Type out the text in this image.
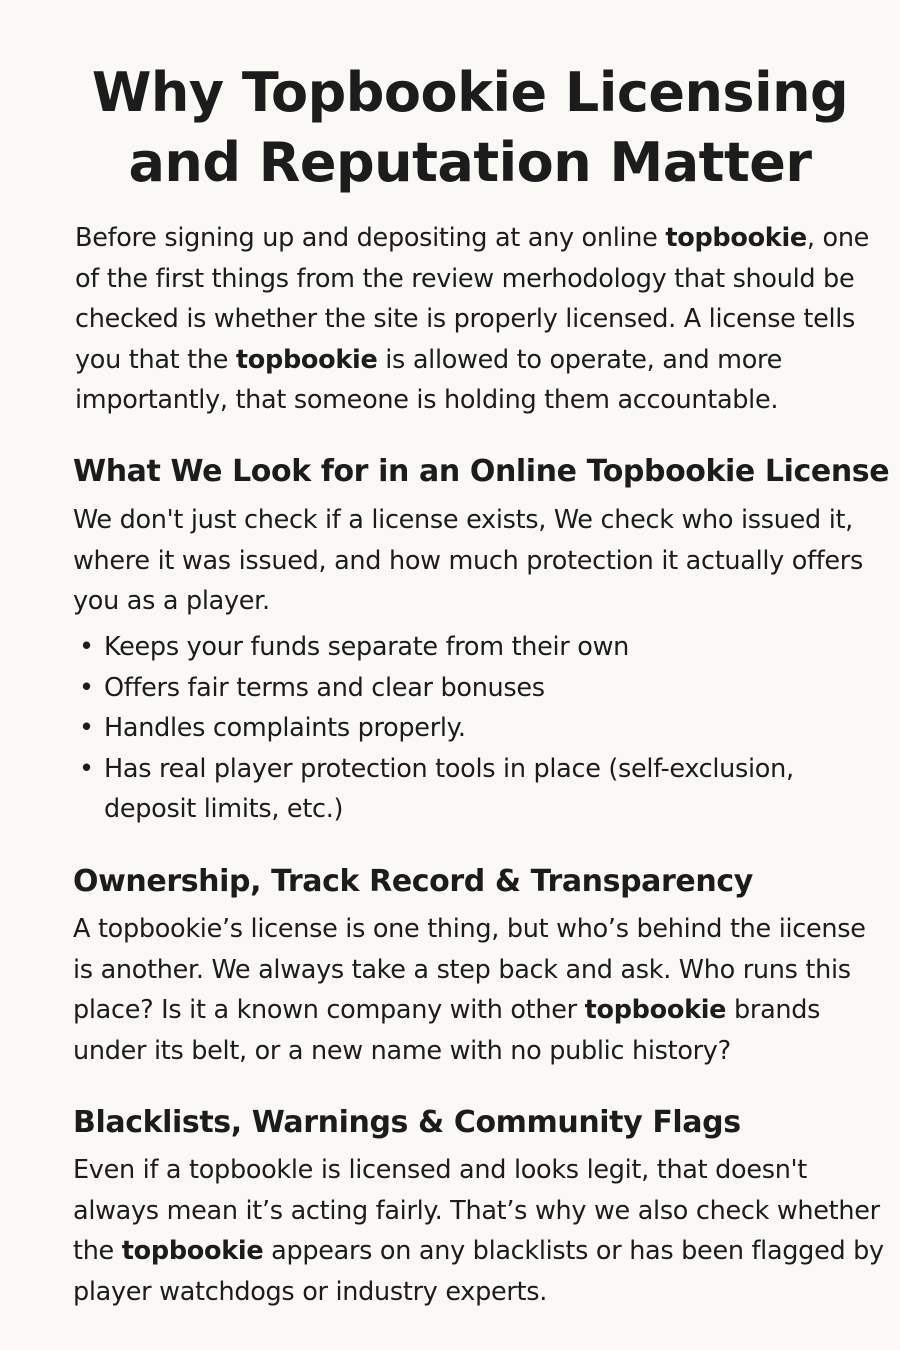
Why Topbookie Licensing
and Reputation Matter

Before signing up and depositing at any online topbookie, one
of the first things from the review merhodology that should be
checked is whether the site is properly licensed. A license tells
you that the topbookie is allowed to operate, and more
importantly, that someone is holding them accountable.

What We Look for in an Online Topbookie License

We don't just check if a license exists, We check who issued it,
where it was issued, and how much protection it actually offers
you as a player.

• Keeps your funds separate from their own
• Offers fair terms and clear bonuses
• Handles complaints properly.
• Has real player protection tools in place (self-exclusion,
deposit limits, etc.)
Ownership, Track Record & Transparency

A topbookie’s license is one thing, but who’s behind the iicense
is another. We always take a step back and ask. Who runs this
place? Is it a known company with other topbookie brands
under its belt, or a new name with no public history?

Blacklists, Warnings & Community Flags

Even if a topbookle is licensed and looks legit, that doesn't
always mean it’s acting fairly. That’s why we also check whether
the topbookie appears on any blacklists or has been flagged by
player watchdogs or industry experts.
